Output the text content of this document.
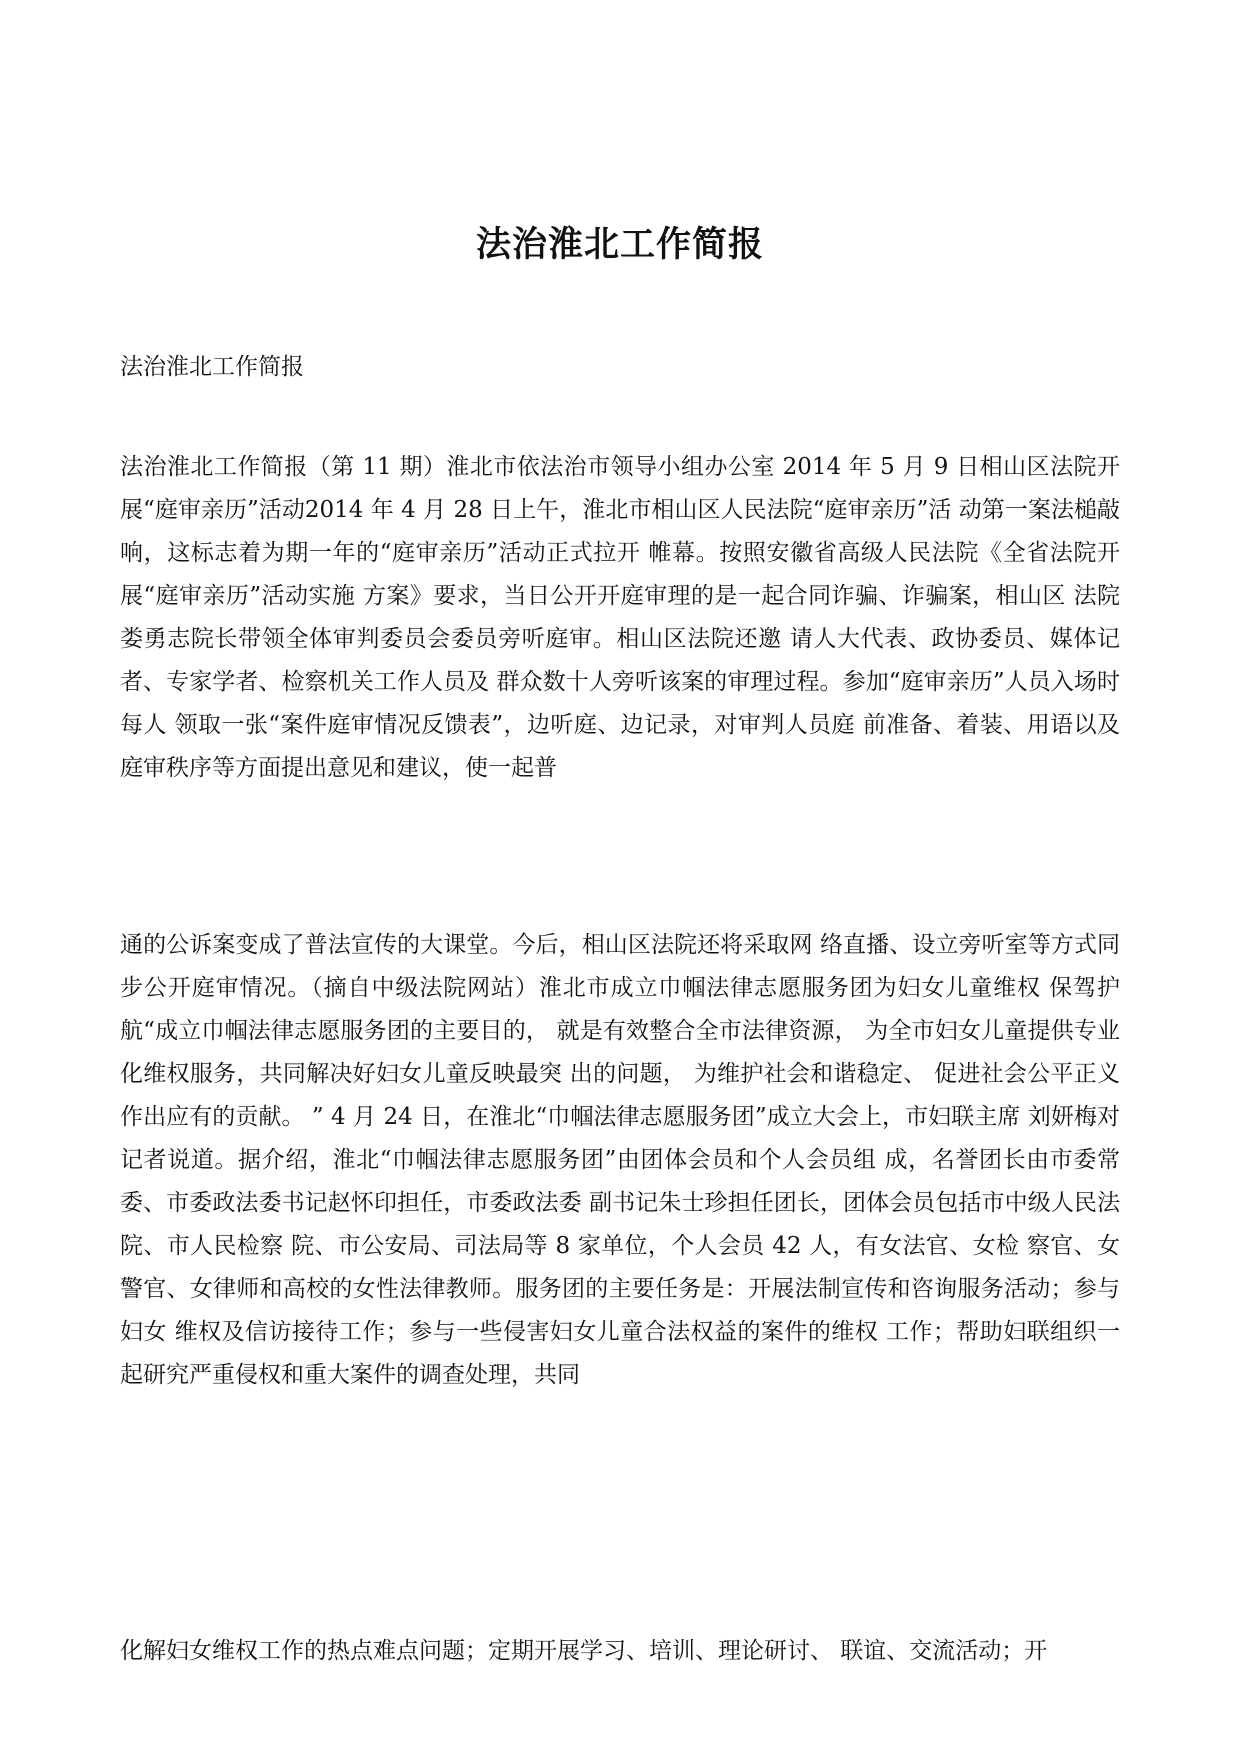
法治淮北工作简报
法治淮北工作简报

法治淮北工作简报（第 11 期）淮北市依法治市领导小组办公室 2014 年 5 月 9 日相山区法院开展“庭审亲历”活动2014 年 4 月 28 日上午，淮北市相山区人民法院“庭审亲历”活 动第一案法槌敲响，这标志着为期一年的“庭审亲历”活动正式拉开 帷幕。按照安徽省高级人民法院《全省法院开展“庭审亲历”活动实施 方案》要求，当日公开开庭审理的是一起合同诈骗、诈骗案，相山区 法院娄勇志院长带领全体审判委员会委员旁听庭审。相山区法院还邀 请人大代表、政协委员、媒体记者、专家学者、检察机关工作人员及 群众数十人旁听该案的审理过程。参加“庭审亲历”人员入场时每人 领取一张“案件庭审情况反馈表”，边听庭、边记录，对审判人员庭 前准备、着装、用语以及庭审秩序等方面提出意见和建议，使一起普

通的公诉案变成了普法宣传的大课堂。今后，相山区法院还将采取网 络直播、设立旁听室等方式同步公开庭审情况。（摘自中级法院网站）淮北市成立巾帼法律志愿服务团为妇女儿童维权 保驾护航“成立巾帼法律志愿服务团的主要目的， 就是有效整合全市法律资源， 为全市妇女儿童提供专业化维权服务，共同解决好妇女儿童反映最突 出的问题， 为维护社会和谐稳定、 促进社会公平正义作出应有的贡献。 ” 4 月 24 日，在淮北“巾帼法律志愿服务团”成立大会上，市妇联主席 刘妍梅对记者说道。据介绍，淮北“巾帼法律志愿服务团”由团体会员和个人会员组 成，名誉团长由市委常委、市委政法委书记赵怀印担任，市委政法委 副书记朱士珍担任团长，团体会员包括市中级人民法院、市人民检察 院、市公安局、司法局等 8 家单位，个人会员 42 人，有女法官、女检 察官、女警官、女律师和高校的女性法律教师。服务团的主要任务是：开展法制宣传和咨询服务活动；参与妇女 维权及信访接待工作；参与一些侵害妇女儿童合法权益的案件的维权 工作；帮助妇联组织一起研究严重侵权和重大案件的调查处理，共同

化解妇女维权工作的热点难点问题；定期开展学习、培训、理论研讨、 联谊、交流活动；开
